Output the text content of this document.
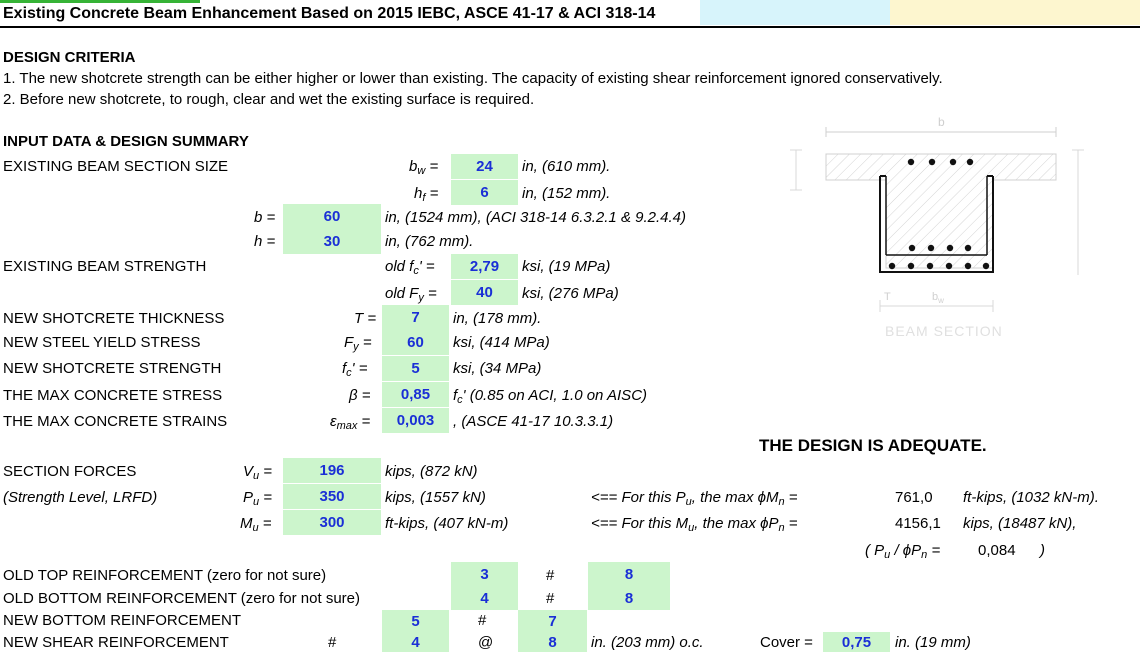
Existing Concrete Beam Enhancement Based on 2015 IEBC, ASCE 41-17 & ACI 318-14
DESIGN CRITERIA
1. The new shotcrete strength can be either higher or lower than existing. The capacity of existing shear reinforcement ignored conservatively.
2. Before new shotcrete, to rough, clear and wet the existing surface is required.
INPUT DATA & DESIGN SUMMARY
EXISTING BEAM SECTION SIZE	$b_w$ =	24	in, (610 mm).
$h_f$ =	6	in, (152 mm).
b =	60	in, (1524 mm), (ACI 318-14 6.3.2.1 & 9.2.4.4)
h =	30	in, (762 mm).
EXISTING BEAM STRENGTH	old $f_c'$ =	2,79	ksi, (19 MPa)
old $F_y$ =	40	ksi, (276 MPa)
NEW SHOTCRETE THICKNESS	T =	7	in, (178 mm).
NEW STEEL YIELD STRESS	$F_y$ =	60	ksi, (414 MPa)
NEW SHOTCRETE STRENGTH	$f_c'$ =	5	ksi, (34 MPa)
THE MAX CONCRETE STRESS	β =	0,85	$f_c'$ (0.85 on ACI, 1.0 on AISC)
THE MAX CONCRETE STRAINS	$\varepsilon_{max}$ =	0,003	, (ASCE 41-17 10.3.3.1)
THE DESIGN IS ADEQUATE.
SECTION FORCES
(Strength Level, LRFD)
$V_u$ =	196	kips, (872 kN)
$P_u$ =	350	kips, (1557 kN)
$M_u$ =	300	ft-kips, (407 kN-m)
<== For this $P_u$, the $\max \phi M_n$ =	761,0 ft-kips, (1032 kN-m).
<== For this $M_u$, the $\max \phi P_n$ =	4156,1 kips, (18487 kN),
( $P_u / \phi P_n$ =	0,084 )
OLD TOP REINFORCEMENT (zero for not sure)	3	#	8
OLD BOTTOM REINFORCEMENT (zero for not sure)	4	#	8
NEW BOTTOM REINFORCEMENT	5	#	7
NEW SHEAR REINFORCEMENT	#	4	@	8	in. (203 mm) o.c.	Cover =	0,75	in. (19 mm)
b
T	$b_w$
BEAM SECTION
